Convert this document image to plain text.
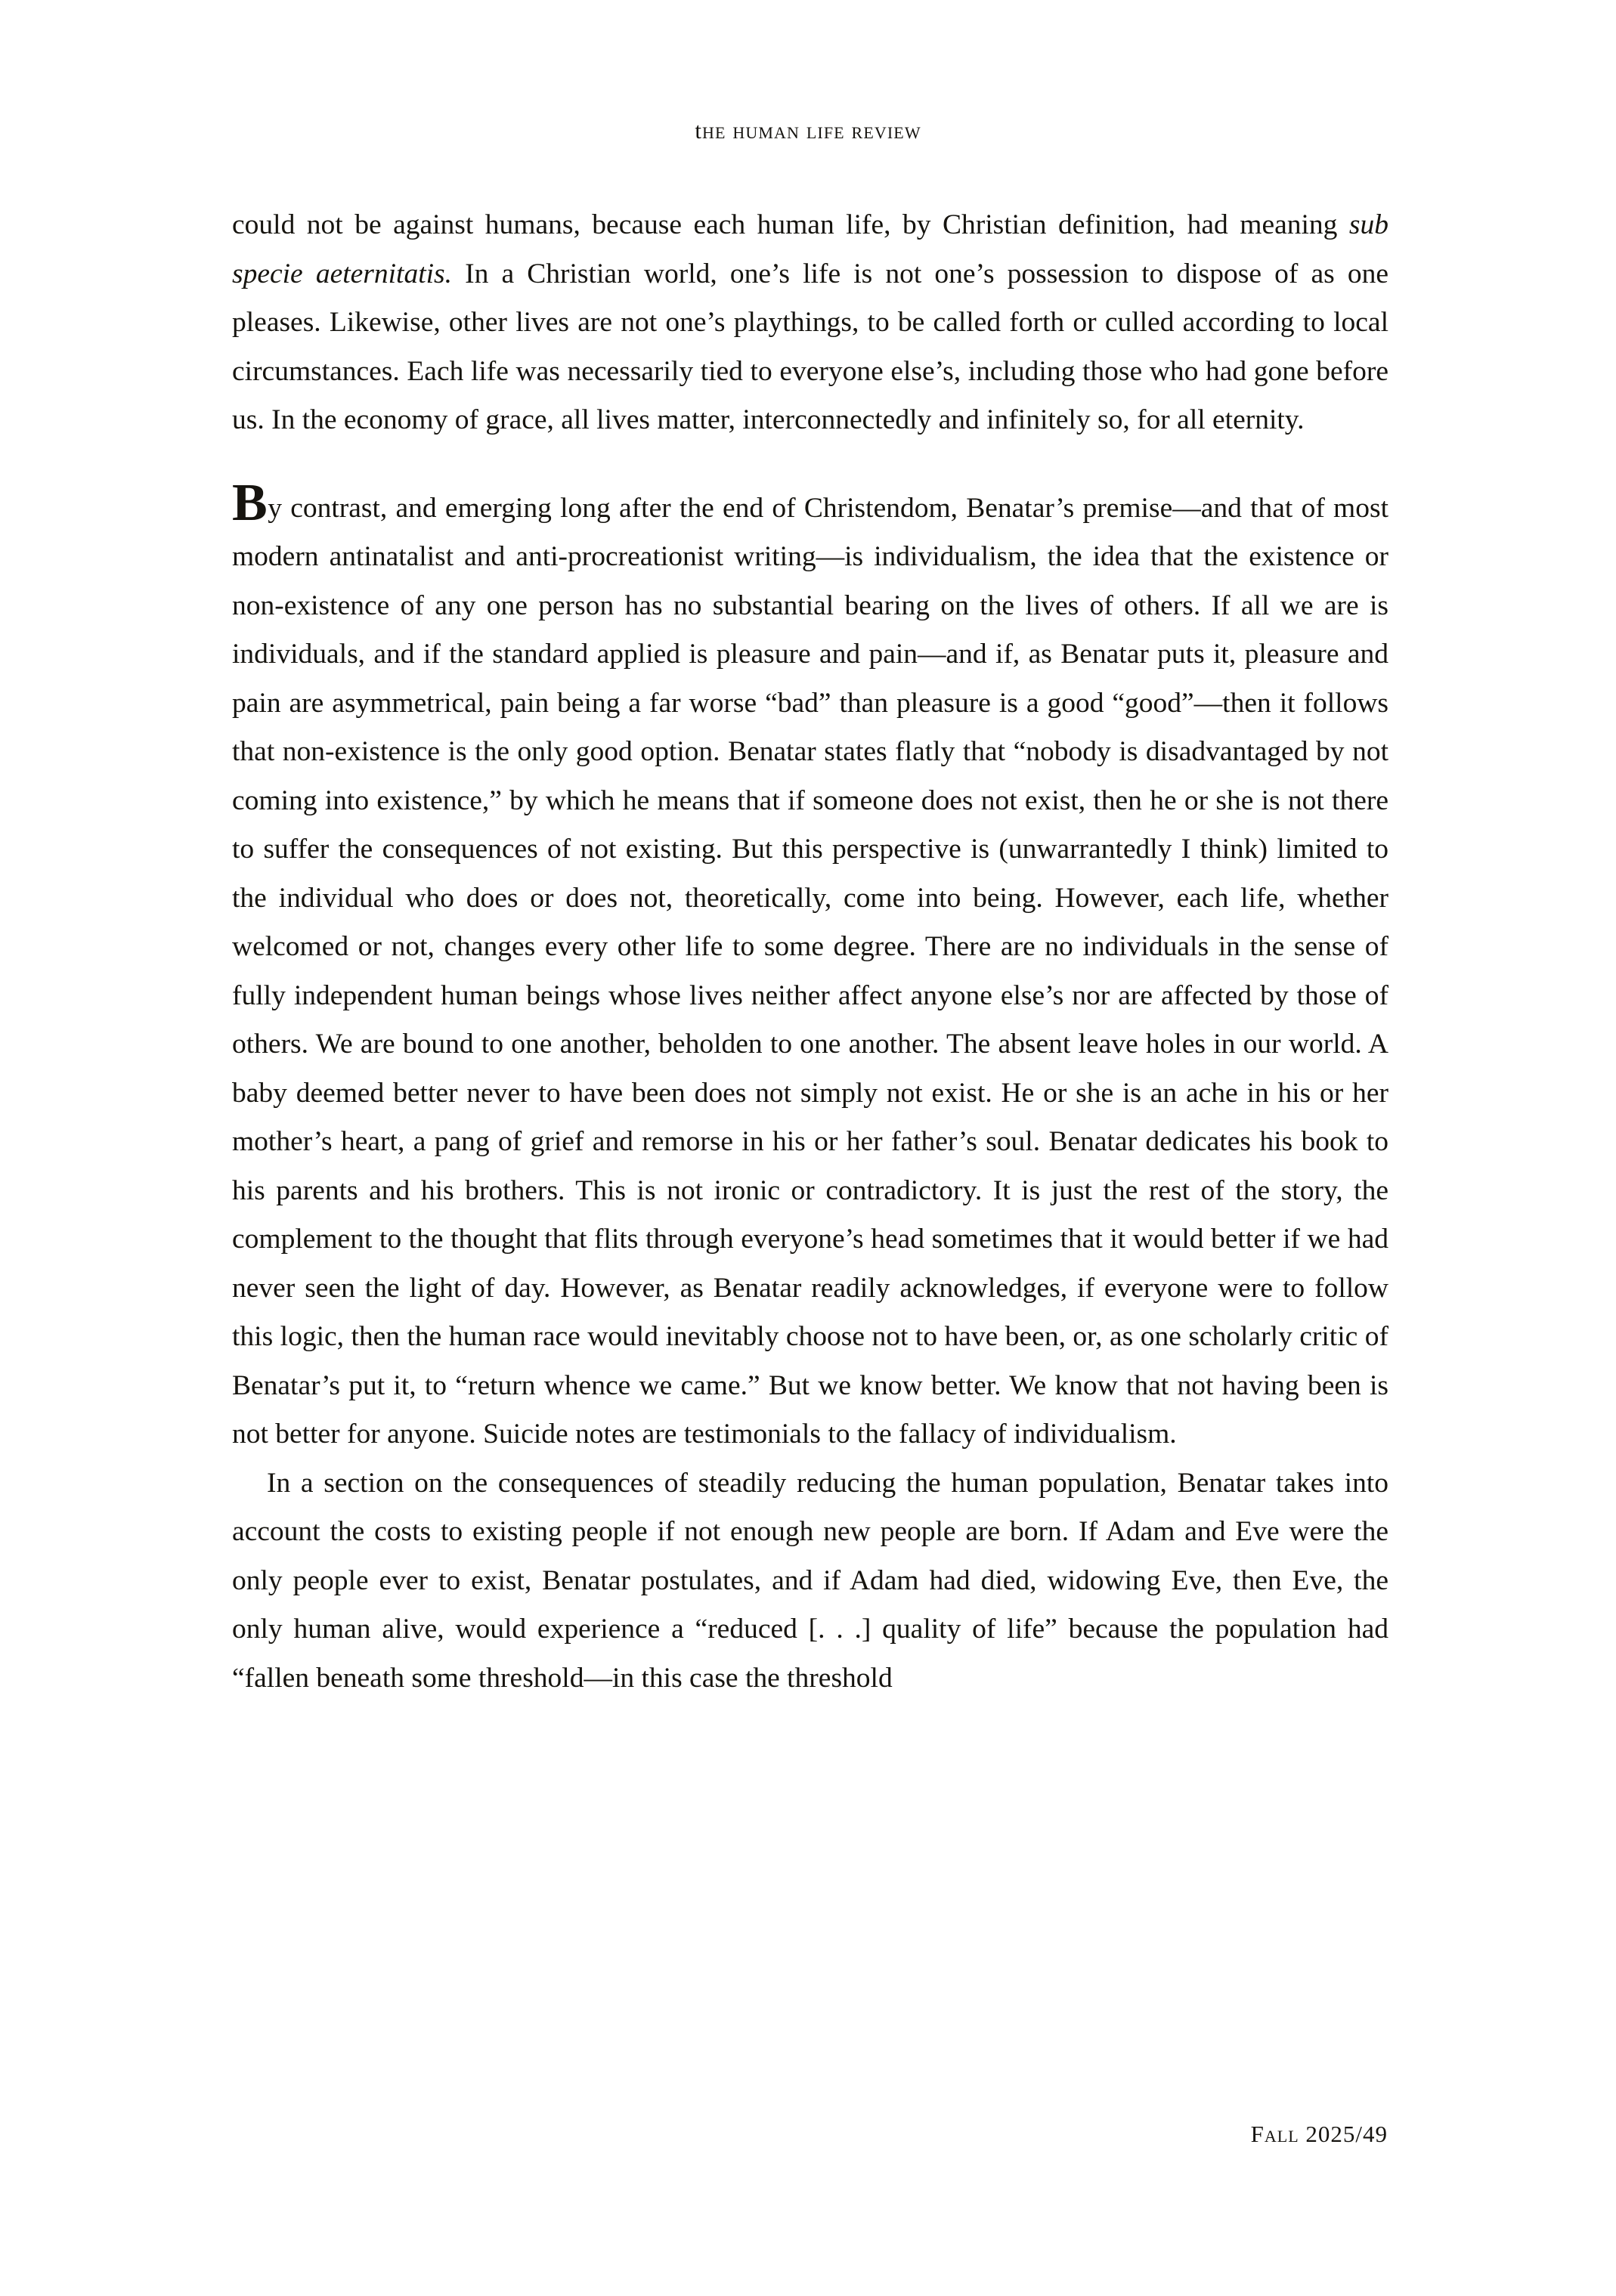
the human life review

could not be against humans, because each human life, by Christian definition, had meaning sub specie aeternitatis. In a Christian world, one’s life is not one’s possession to dispose of as one pleases. Likewise, other lives are not one’s playthings, to be called forth or culled according to local circumstances. Each life was necessarily tied to everyone else’s, including those who had gone before us. In the economy of grace, all lives matter, interconnectedly and infinitely so, for all eternity.

By contrast, and emerging long after the end of Christendom, Benatar’s premise—and that of most modern antinatalist and anti-procreationist writing—is individualism, the idea that the existence or non-existence of any one person has no substantial bearing on the lives of others. If all we are is individuals, and if the standard applied is pleasure and pain—and if, as Benatar puts it, pleasure and pain are asymmetrical, pain being a far worse “bad” than pleasure is a good “good”—then it follows that non-existence is the only good option. Benatar states flatly that “nobody is disadvantaged by not coming into existence,” by which he means that if someone does not exist, then he or she is not there to suffer the consequences of not existing. But this perspective is (unwarrantedly I think) limited to the individual who does or does not, theoretically, come into being. However, each life, whether welcomed or not, changes every other life to some degree. There are no individuals in the sense of fully independent human beings whose lives neither affect anyone else’s nor are affected by those of others. We are bound to one another, beholden to one another. The absent leave holes in our world. A baby deemed better never to have been does not simply not exist. He or she is an ache in his or her mother’s heart, a pang of grief and remorse in his or her father’s soul. Benatar dedicates his book to his parents and his brothers. This is not ironic or contradictory. It is just the rest of the story, the complement to the thought that flits through everyone’s head sometimes that it would better if we had never seen the light of day. However, as Benatar readily acknowledges, if everyone were to follow this logic, then the human race would inevitably choose not to have been, or, as one scholarly critic of Benatar’s put it, to “return whence we came.” But we know better. We know that not having been is not better for anyone. Suicide notes are testimonials to the fallacy of individualism.

In a section on the consequences of steadily reducing the human population, Benatar takes into account the costs to existing people if not enough new people are born. If Adam and Eve were the only people ever to exist, Benatar postulates, and if Adam had died, widowing Eve, then Eve, the only human alive, would experience a “reduced [. . .] quality of life” because the population had “fallen beneath some threshold—in this case the threshold

Fall 2025/49
